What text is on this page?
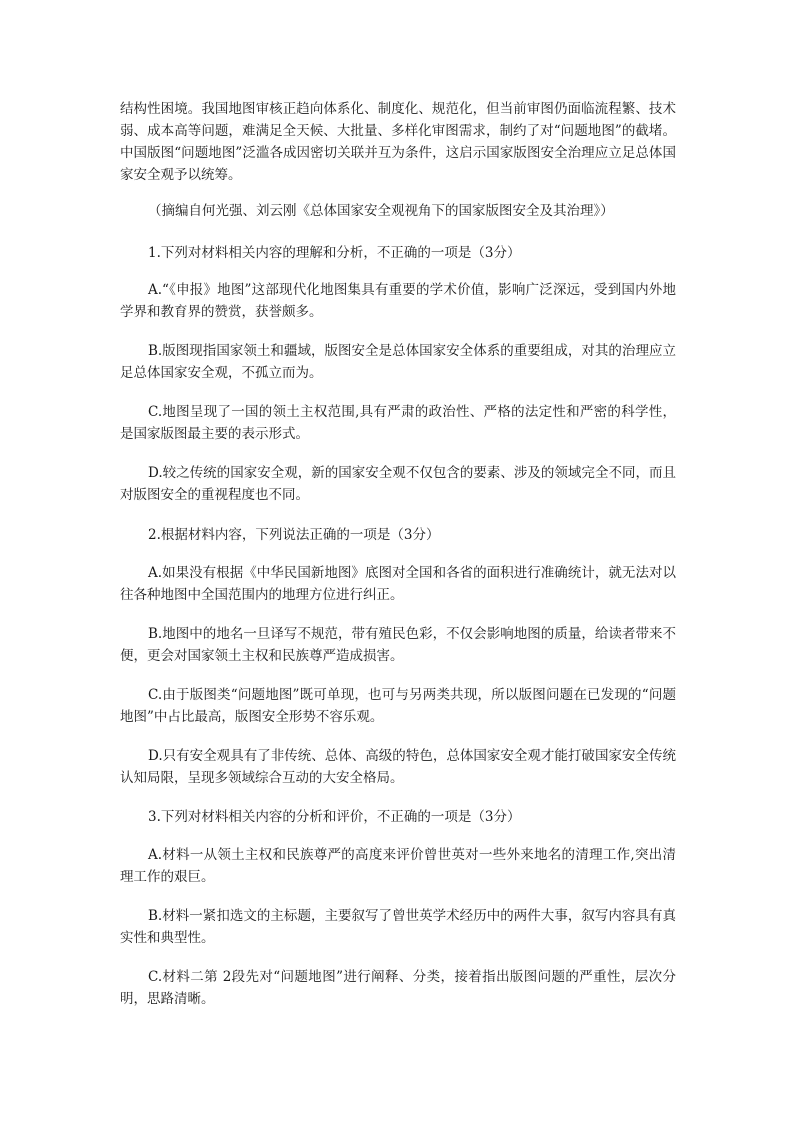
结构性困境。我国地图审核正趋向体系化、制度化、规范化，但当前审图仍面临流程繁、技术弱、成本高等问题，难满足全天候、大批量、多样化审图需求，制约了对“问题地图”的截堵。中国版图“问题地图”泛滥各成因密切关联并互为条件，这启示国家版图安全治理应立足总体国家安全观予以统筹。

（摘编自何光强、刘云刚《总体国家安全观视角下的国家版图安全及其治理》）

1.下列对材料相关内容的理解和分析，不正确的一项是（3分）

A.“《申报》地图”这部现代化地图集具有重要的学术价值，影响广泛深远，受到国内外地学界和教育界的赞赏，获誉颇多。

B.版图现指国家领土和疆域，版图安全是总体国家安全体系的重要组成，对其的治理应立足总体国家安全观，不孤立而为。

C.地图呈现了一国的领土主权范围,具有严肃的政治性、严格的法定性和严密的科学性，是国家版图最主要的表示形式。

D.较之传统的国家安全观，新的国家安全观不仅包含的要素、涉及的领域完全不同，而且对版图安全的重视程度也不同。

2.根据材料内容，下列说法正确的一项是（3分）

A.如果没有根据《中华民国新地图》底图对全国和各省的面积进行准确统计，就无法对以往各种地图中全国范围内的地理方位进行纠正。

B.地图中的地名一旦译写不规范，带有殖民色彩，不仅会影响地图的质量，给读者带来不便，更会对国家领土主权和民族尊严造成损害。

C.由于版图类“问题地图”既可单现，也可与另两类共现，所以版图问题在已发现的“问题地图”中占比最高，版图安全形势不容乐观。

D.只有安全观具有了非传统、总体、高级的特色，总体国家安全观才能打破国家安全传统认知局限，呈现多领域综合互动的大安全格局。

3.下列对材料相关内容的分析和评价，不正确的一项是（3分）

A.材料一从领土主权和民族尊严的高度来评价曾世英对一些外来地名的清理工作,突出清理工作的艰巨。

B.材料一紧扣选文的主标题，主要叙写了曾世英学术经历中的两件大事，叙写内容具有真实性和典型性。

C.材料二第 2段先对“问题地图”进行阐释、分类，接着指出版图问题的严重性，层次分明，思路清晰。
